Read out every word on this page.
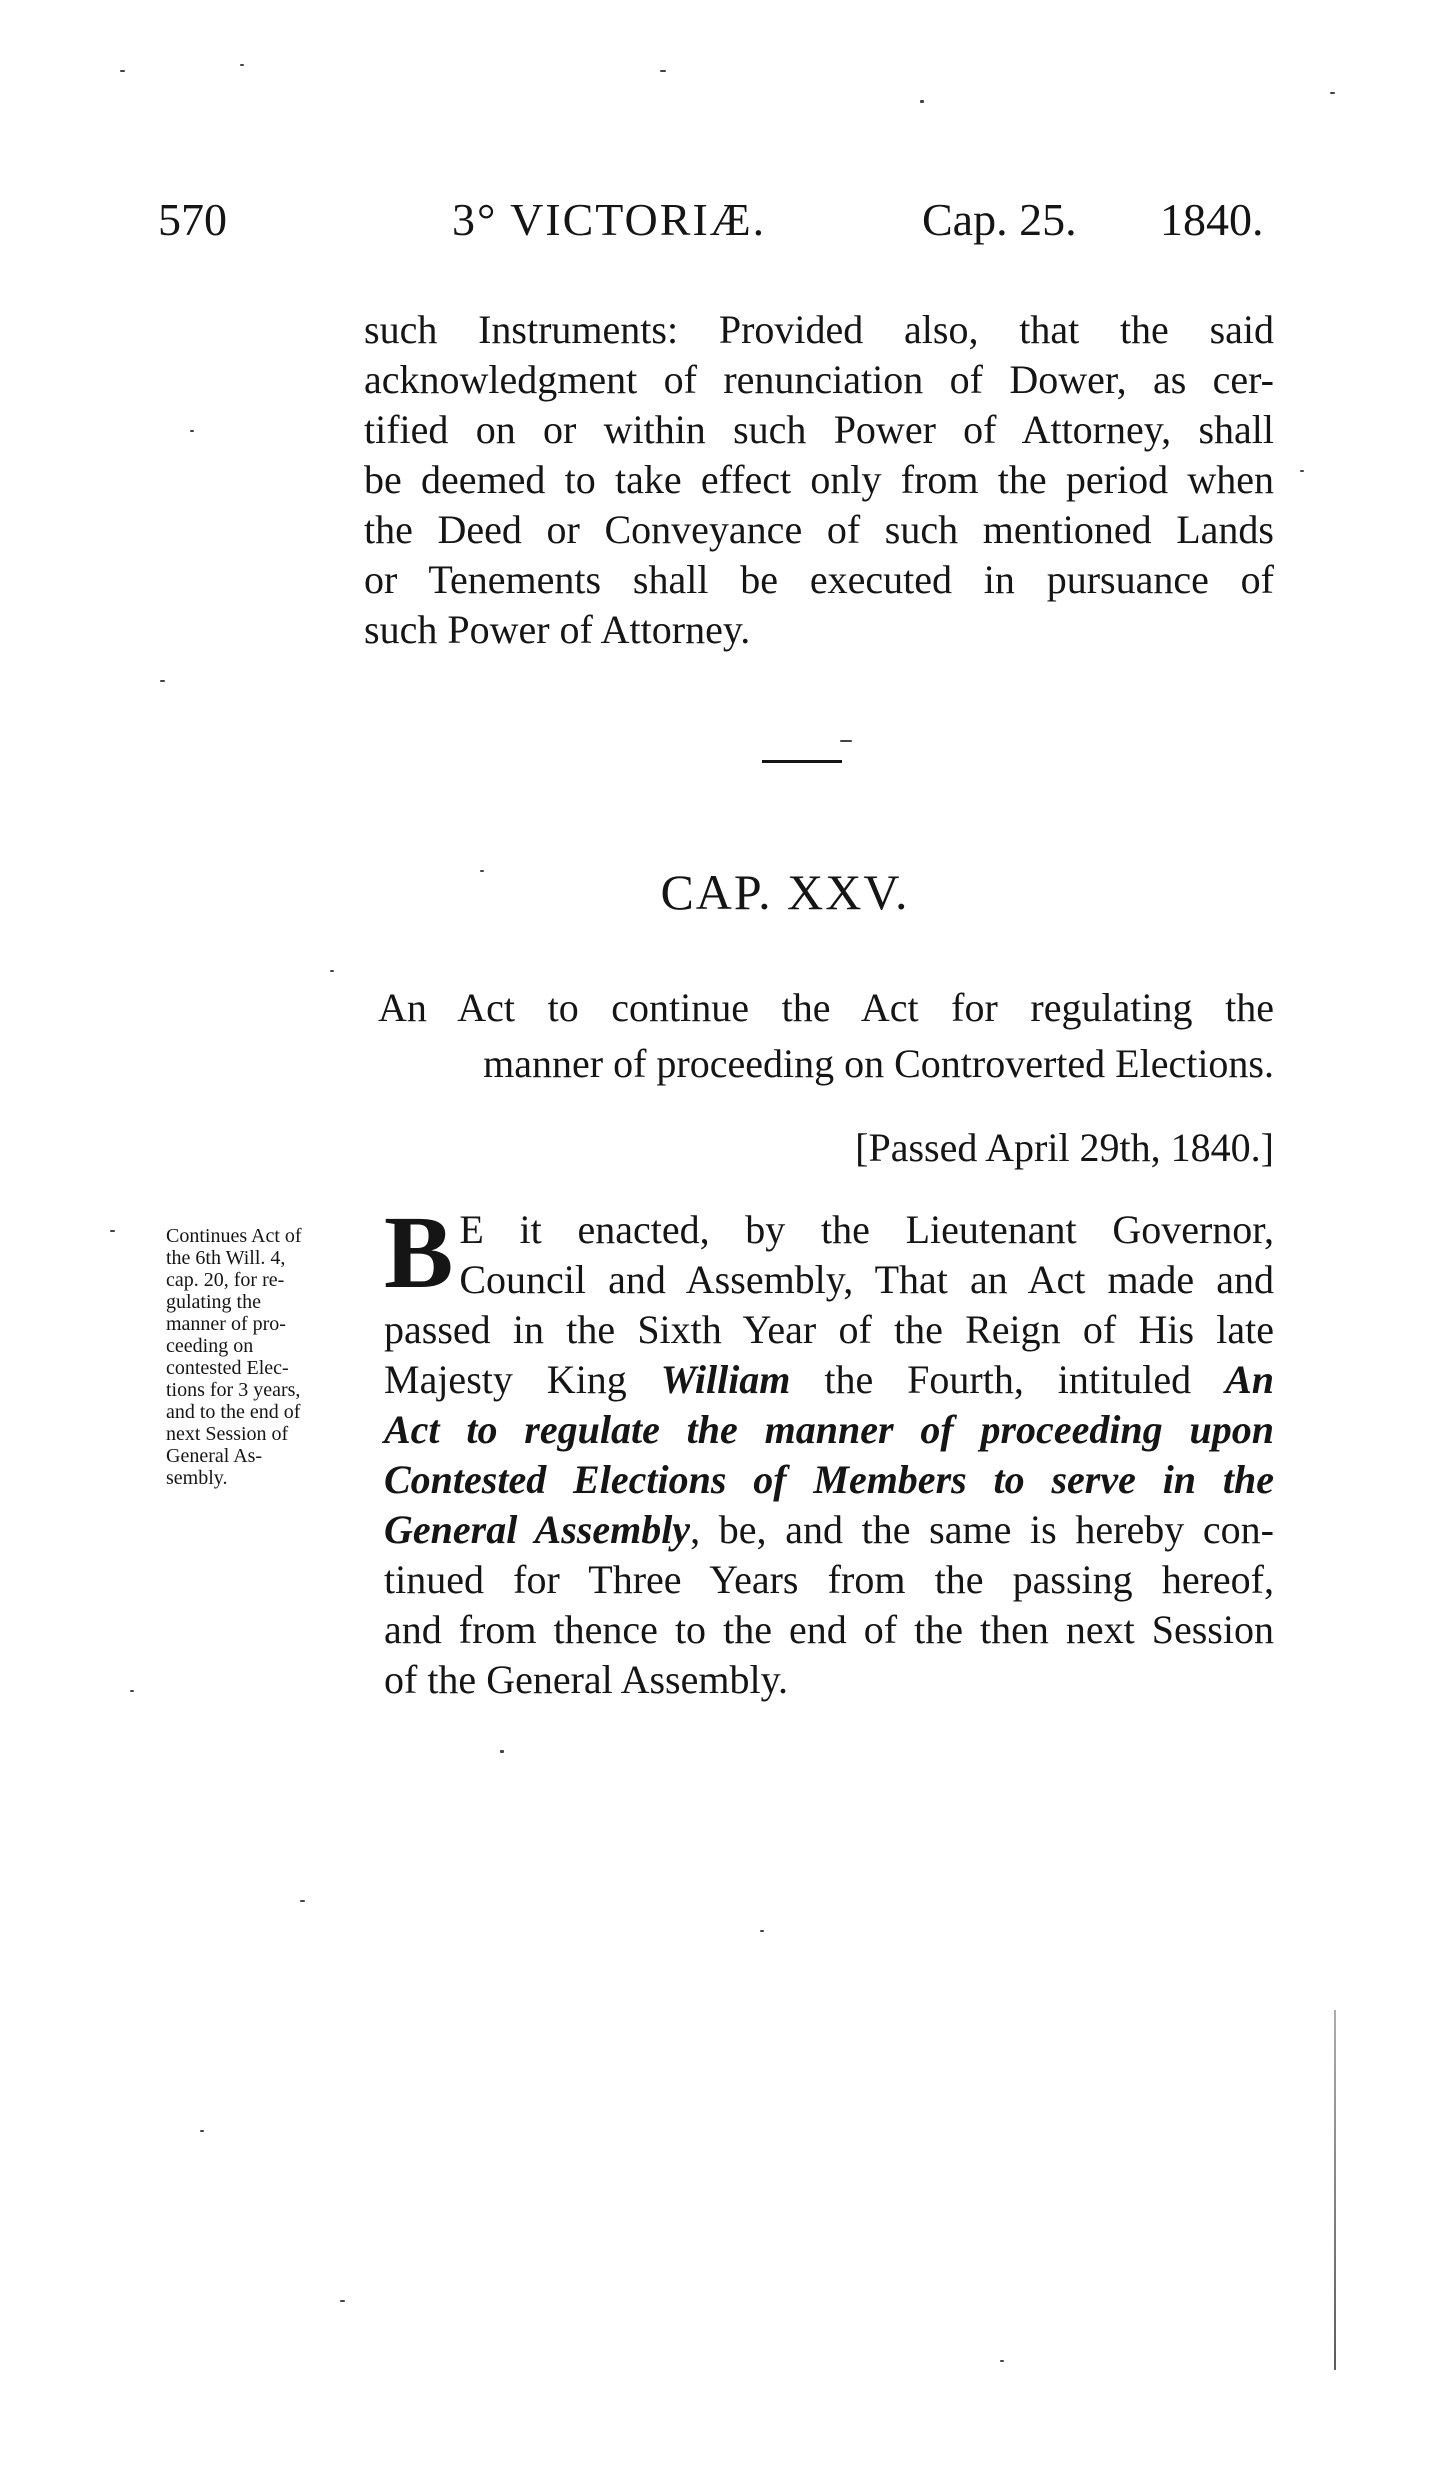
570	3° VICTORIÆ.	Cap. 25. 1840.
such Instruments: Provided also, that the said
acknowledgment of renunciation of Dower, as cer-
tified on or within such Power of Attorney, shall
be deemed to take effect only from the period when
the Deed or Conveyance of such mentioned Lands
or Tenements shall be executed in pursuance of
such Power of Attorney.
CAP. XXV.
An Act to continue the Act for regulating the
manner of proceeding on Controverted Elections.
[Passed April 29th, 1840.]
Continues Act of
the 6th Will. 4,
cap. 20, for re-
gulating the
manner of pro-
ceeding on
contested Elec-
tions for 3 years,
and to the end of
next Session of
General As-
sembly.
B E it enacted, by the Lieutenant Governor,
Council and Assembly, That an Act made and
passed in the Sixth Year of the Reign of His late
Majesty King William the Fourth, intituled An
Act to regulate the manner of proceeding upon
Contested Elections of Members to serve in the
General Assembly, be, and the same is hereby con-
tinued for Three Years from the passing hereof,
and from thence to the end of the then next Session
of the General Assembly.
